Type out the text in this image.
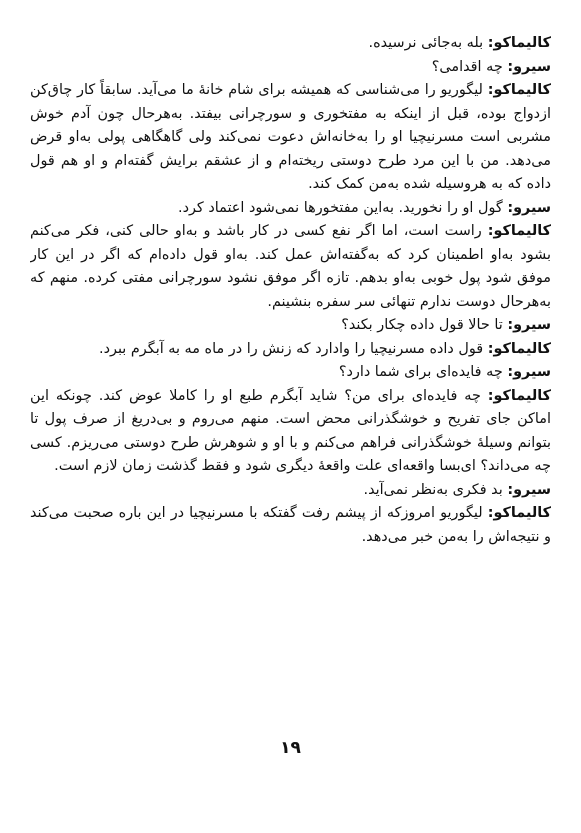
کالیماکو: بله به‌جائی نرسیده.

سیرو: چه اقدامی؟

کالیماکو: لیگوریو را می‌شناسی که همیشه برای شام خانهٔ ما می‌آید. سابقاً کار چاق‌کن ازدواج بوده، قبل از اینکه به مفتخوری و سورچرانی بیفتد. به‌هرحال چون آدم خوش مشربی است مسرنیچیا او را به‌خانه‌اش دعوت نمی‌کند ولی گاهگاهی پولی به‌او قرض می‌دهد. من با این مرد طرح دوستی ریخته‌ام و از عشقم برایش گفته‌ام و او هم قول داده که به هروسیله شده به‌من کمک کند.

سیرو: گول او را نخورید. به‌این مفتخورها نمی‌شود اعتماد کرد.

کالیماکو: راست است، اما اگر نفع کسی در کار باشد و به‌او حالی کنی، فکر می‌کنم بشود به‌او اطمینان کرد که به‌گفته‌اش عمل کند. به‌او قول داده‌ام که اگر در این کار موفق شود پول خوبی به‌او بدهم. تازه اگر موفق نشود سورچرانی مفتی کرده. منهم که به‌هرحال دوست ندارم تنهائی سر سفره بنشینم.

سیرو: تا حالا قول داده چکار بکند؟

کالیماکو: قول داده مسرنیچیا را وادارد که زنش را در ماه مه به آبگرم ببرد.

سیرو: چه فایده‌ای برای شما دارد؟

کالیماکو: چه فایده‌ای برای من؟ شاید آبگرم طبع او را کاملا عوض کند. چونکه این اماکن جای تفریح و خوشگذرانی محض است. منهم می‌روم و بی‌دریغ از صرف پول تا بتوانم وسیلهٔ خوشگذرانی فراهم می‌کنم و با او و شوهرش طرح دوستی می‌ریزم. کسی چه می‌داند؟ ای‌بسا واقعه‌ای علت واقعهٔ دیگری شود و فقط گذشت زمان لازم است.

سیرو: بد فکری به‌نظر نمی‌آید.

کالیماکو: لیگوریو امروزکه از پیشم رفت گفتکه با مسرنیچیا در این باره صحبت می‌کند و نتیجه‌اش را به‌من خبر می‌دهد.

۱۹
